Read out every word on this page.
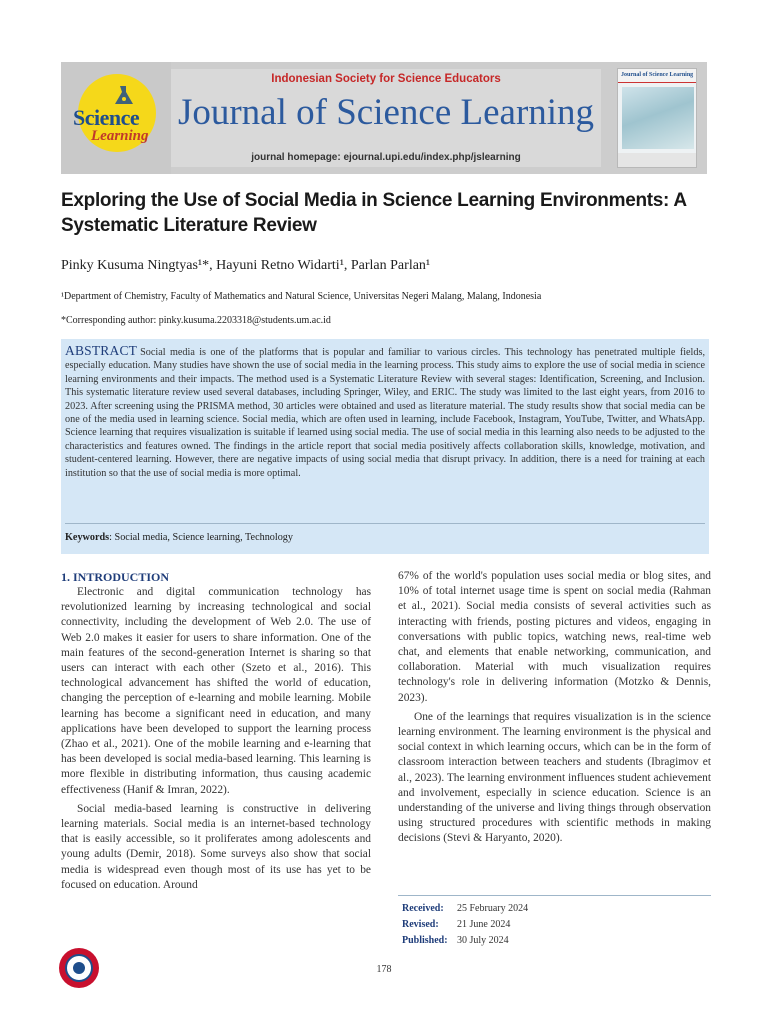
Science
Learning
Indonesian Society for Science Educators
Journal of Science Learning
journal homepage: ejournal.upi.edu/index.php/jslearning
Journal of Science Learning
Exploring the Use of Social Media in Science Learning Environments: A Systematic Literature Review
Pinky Kusuma Ningtyas¹*, Hayuni Retno Widarti¹, Parlan Parlan¹
¹Department of Chemistry, Faculty of Mathematics and Natural Science, Universitas Negeri Malang, Malang, Indonesia
*Corresponding author: pinky.kusuma.2203318@students.um.ac.id

ABSTRACT Social media is one of the platforms that is popular and familiar to various circles. This technology has penetrated multiple fields, especially education. Many studies have shown the use of social media in the learning process. This study aims to explore the use of social media in science learning environments and their impacts. The method used is a Systematic Literature Review with several stages: Identification, Screening, and Inclusion. This systematic literature review used several databases, including Springer, Wiley, and ERIC. The study was limited to the last eight years, from 2016 to 2023. After screening using the PRISMA method, 30 articles were obtained and used as literature material. The study results show that social media can be one of the media used in learning science. Social media, which are often used in learning, include Facebook, Instagram, YouTube, Twitter, and WhatsApp. Science learning that requires visualization is suitable if learned using social media. The use of social media in this learning also needs to be adjusted to the characteristics and features owned. The findings in the article report that social media positively affects collaboration skills, knowledge, motivation, and student-centered learning. However, there are negative impacts of using social media that disrupt privacy. In addition, there is a need for training at each institution so that the use of social media is more optimal.

Keywords: Social media, Science learning, Technology
1. INTRODUCTION

Electronic and digital communication technology has revolutionized learning by increasing technological and social connectivity, including the development of Web 2.0. The use of Web 2.0 makes it easier for users to share information. One of the main features of the second-generation Internet is sharing so that users can interact with each other (Szeto et al., 2016). This technological advancement has shifted the world of education, changing the perception of e-learning and mobile learning. Mobile learning has become a significant need in education, and many applications have been developed to support the learning process (Zhao et al., 2021). One of the mobile learning and e-learning that has been developed is social media-based learning. This learning is more flexible in distributing information, thus causing academic effectiveness (Hanif & Imran, 2022).

Social media-based learning is constructive in delivering learning materials. Social media is an internet-based technology that is easily accessible, so it proliferates among adolescents and young adults (Demir, 2018). Some surveys also show that social media is widespread even though most of its use has yet to be focused on education. Around

67% of the world's population uses social media or blog sites, and 10% of total internet usage time is spent on social media (Rahman et al., 2021). Social media consists of several activities such as interacting with friends, posting pictures and videos, engaging in conversations with public topics, watching news, real-time web chat, and elements that enable networking, communication, and collaboration. Material with much visualization requires technology's role in delivering information (Motzko & Dennis, 2023).

One of the learnings that requires visualization is in the science learning environment. The learning environment is the physical and social context in which learning occurs, which can be in the form of classroom interaction between teachers and students (Ibragimov et al., 2023). The learning environment influences student achievement and involvement, especially in science education. Science is an understanding of the universe and living things through observation using structured procedures with scientific methods in making decisions (Stevi & Haryanto, 2020).

Received:	25 February 2024
Revised:	21 June 2024
Published: 30 July 2024
178
